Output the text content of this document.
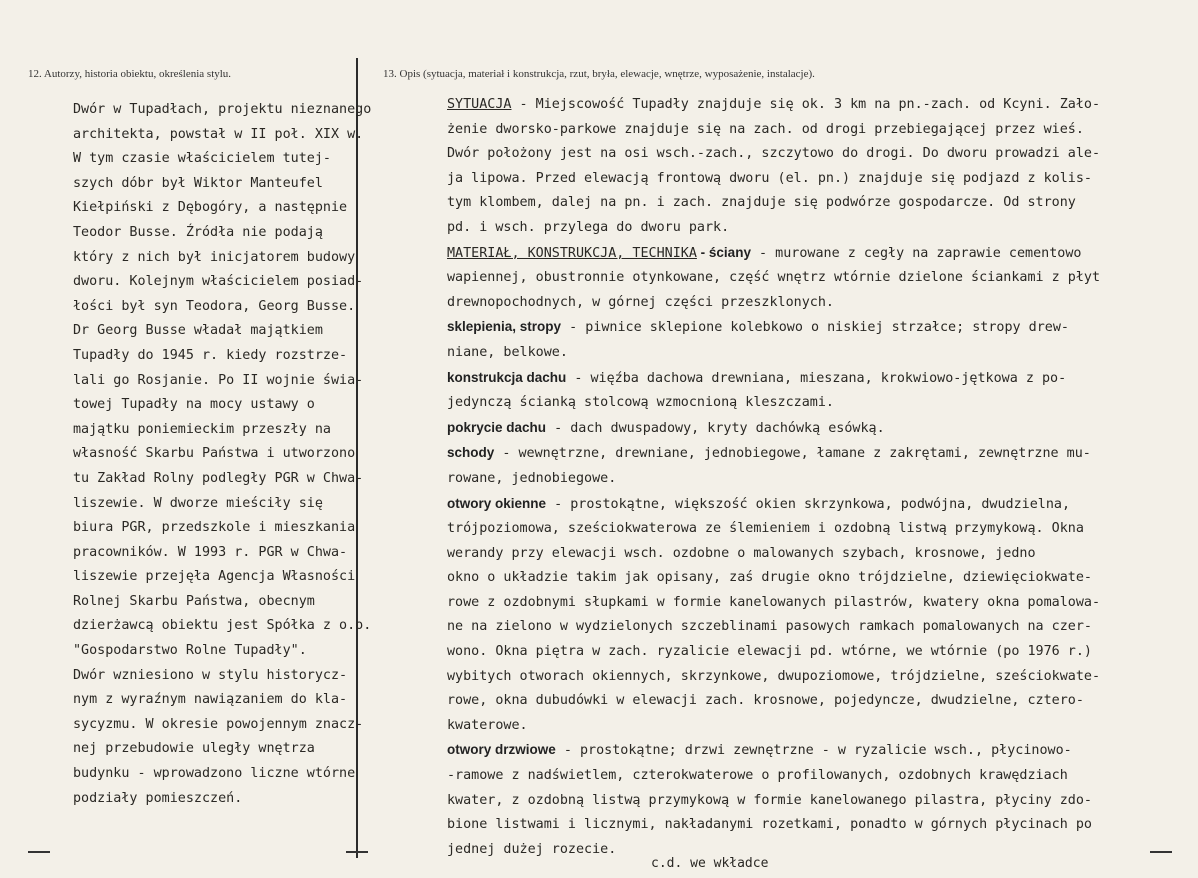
12. Autorzy, historia obiektu, określenia stylu.	13. Opis (sytuacja, materiał i konstrukcja, rzut, bryła, elewacje, wnętrze, wyposażenie, instalacje).
Dwór w Tupadłach, projektu nieznanego
architekta, powstał w II poł. XIX w.
W tym czasie właścicielem tutej-
szych dóbr był Wiktor Manteufel
Kiełpiński z Dębogóry, a następnie
Teodor Busse. Źródła nie podają
który z nich był inicjatorem budowy
dworu. Kolejnym właścicielem posiad-
łości był syn Teodora, Georg Busse.
Dr Georg Busse władał majątkiem
Tupadły do 1945 r. kiedy rozstrze-
lali go Rosjanie. Po II wojnie świa-
towej Tupadły na mocy ustawy o
majątku poniemieckim przeszły na
własność Skarbu Państwa i utworzono
tu Zakład Rolny podległy PGR w Chwa-
liszewie. W dworze mieściły się
biura PGR, przedszkole i mieszkania
pracowników. W 1993 r. PGR w Chwa-
liszewie przejęła Agencja Własności
Rolnej Skarbu Państwa, obecnym
dzierżawcą obiektu jest Spółka z o.o.
"Gospodarstwo Rolne Tupadły".
Dwór wzniesiono w stylu historycz-
nym z wyraźnym nawiązaniem do kla-
sycyzmu. W okresie powojennym znacz-
nej przebudowie uległy wnętrza
budynku - wprowadzono liczne wtórne
podziały pomieszczeń.
SYTUACJA - Miejscowość Tupadły znajduje się ok. 3 km na pn.-zach. od Kcyni. Zało-
żenie dworsko-parkowe znajduje się na zach. od drogi przebiegającej przez wieś.
Dwór położony jest na osi wsch.-zach., szczytowo do drogi. Do dworu prowadzi ale-
ja lipowa. Przed elewacją frontową dworu (el. pn.) znajduje się podjazd z kolis-
tym klombem, dalej na pn. i zach. znajduje się podwórze gospodarcze. Od strony
pd. i wsch. przylega do dworu park.
MATERIAŁ, KONSTRUKCJA, TECHNIKA - ściany - murowane z cegły na zaprawie cementowo
wapiennej, obustronnie otynkowane, część wnętrz wtórnie dzielone ściankami z płyt
drewnopochodnych, w górnej części przeszklonych.
sklepienia, stropy - piwnice sklepione kolebkowo o niskiej strzałce; stropy drew-
niane, belkowe.
konstrukcja dachu - więźba dachowa drewniana, mieszana, krokwiowo-jętkowa z po-
jedynczą ścianką stolcową wzmocnioną kleszczami.
pokrycie dachu - dach dwuspadowy, kryty dachówką esówką.
schody - wewnętrzne, drewniane, jednobiegowe, łamane z zakrętami, zewnętrzne mu-
rowane, jednobiegowe.
otwory okienne - prostokątne, większość okien skrzynkowa, podwójna, dwudzielna,
trójpoziomowa, sześciokwaterowa ze ślemieniem i ozdobną listwą przymykową. Okna
werandy przy elewacji wsch. ozdobne o malowanych szybach, krosnowe, jedno
okno o układzie takim jak opisany, zaś drugie okno trójdzielne, dziewięciokwate-
rowe z ozdobnymi słupkami w formie kanelowanych pilastrów, kwatery okna pomalowa-
ne na zielono w wydzielonych szczeblinami pasowych ramkach pomalowanych na czer-
wono. Okna piętra w zach. ryzalicie elewacji pd. wtórne, we wtórnie (po 1976 r.)
wybitych otworach okiennych, skrzynkowe, dwupoziomowe, trójdzielne, sześciokwate-
rowe, okna dubudówki w elewacji zach. krosnowe, pojedyncze, dwudzielne, cztero-
kwaterowe.
otwory drzwiowe - prostokątne; drzwi zewnętrzne - w ryzalicie wsch., płycinowo-
-ramowe z nadświetlem, czterokwaterowe o profilowanych, ozdobnych krawędziach
kwater, z ozdobną listwą przymykową w formie kanelowanego pilastra, płyciny zdo-
bione listwami i licznymi, nakładanymi rozetkami, ponadto w górnych płycinach po
jednej dużej rozecie.
c.d. we wkładce
